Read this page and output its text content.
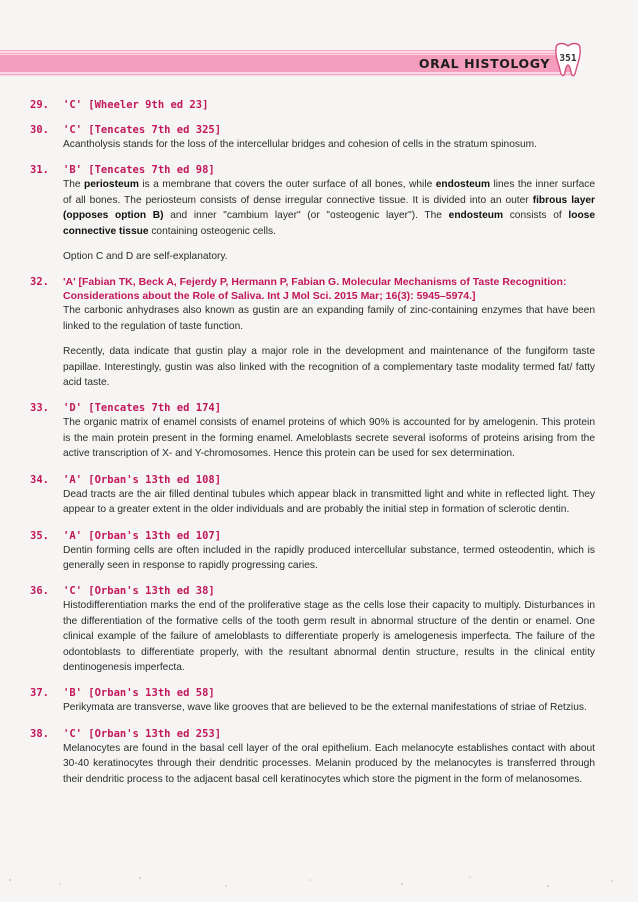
ORAL HISTOLOGY 351
29.	'C' [Wheeler 9th ed 23]
30.	'C' [Tencates 7th ed 325]
Acantholysis stands for the loss of the intercellular bridges and cohesion of cells in the stratum spinosum.
31.	'B' [Tencates 7th ed 98]
The periosteum is a membrane that covers the outer surface of all bones, while endosteum lines the inner surface of all bones. The periosteum consists of dense irregular connective tissue. It is divided into an outer fibrous layer (opposes option B) and inner "cambium layer" (or "osteogenic layer"). The endosteum consists of loose connective tissue containing osteogenic cells.
Option C and D are self-explanatory.
32.	'A' [Fabian TK, Beck A, Fejerdy P, Hermann P, Fabian G. Molecular Mechanisms of Taste Recognition: Considerations about the Role of Saliva. Int J Mol Sci. 2015 Mar; 16(3): 5945–5974.]
The carbonic anhydrases also known as gustin are an expanding family of zinc-containing enzymes that have been linked to the regulation of taste function.
Recently, data indicate that gustin play a major role in the development and maintenance of the fungiform taste papillae. Interestingly, gustin was also linked with the recognition of a complementary taste modality termed fat/ fatty acid taste.
33.	'D' [Tencates 7th ed 174]
The organic matrix of enamel consists of enamel proteins of which 90% is accounted for by amelogenin. This protein is the main protein present in the forming enamel. Ameloblasts secrete several isoforms of proteins arising from the active transcription of X- and Y-chromosomes. Hence this protein can be used for sex determination.
34.	'A' [Orban's 13th ed 108]
Dead tracts are the air filled dentinal tubules which appear black in transmitted light and white in reflected light. They appear to a greater extent in the older individuals and are probably the initial step in formation of sclerotic dentin.
35.	'A' [Orban's 13th ed 107]
Dentin forming cells are often included in the rapidly produced intercellular substance, termed osteodentin, which is generally seen in response to rapidly progressing caries.
36.	'C' [Orban's 13th ed 38]
Histodifferentiation marks the end of the proliferative stage as the cells lose their capacity to multiply. Disturbances in the differentiation of the formative cells of the tooth germ result in abnormal structure of the dentin or enamel. One clinical example of the failure of ameloblasts to differentiate properly is amelogenesis imperfecta. The failure of the odontoblasts to differentiate properly, with the resultant abnormal dentin structure, results in the clinical entity dentinogenesis imperfecta.
37.	'B' [Orban's 13th ed 58]
Perikymata are transverse, wave like grooves that are believed to be the external manifestations of striae of Retzius.
38.	'C' [Orban's 13th ed 253]
Melanocytes are found in the basal cell layer of the oral epithelium. Each melanocyte establishes contact with about 30-40 keratinocytes through their dendritic processes. Melanin produced by the melanocytes is transferred through their dendritic process to the adjacent basal cell keratinocytes which store the pigment in the form of melanosomes.
